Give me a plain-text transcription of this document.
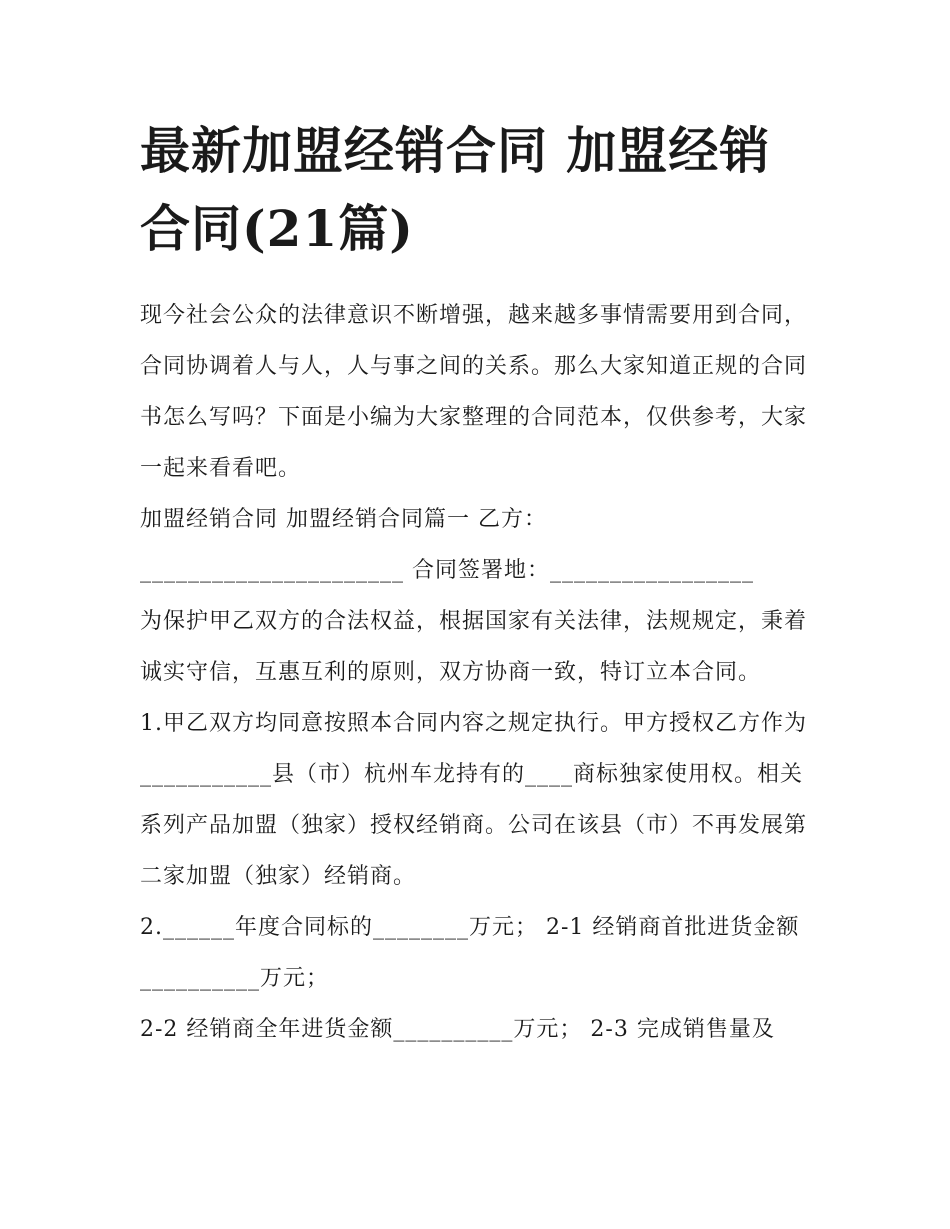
最新加盟经销合同 加盟经销合同(21篇)

现今社会公众的法律意识不断增强，越来越多事情需要用到合同，合同协调着人与人，人与事之间的关系。那么大家知道正规的合同书怎么写吗？下面是小编为大家整理的合同范本，仅供参考，大家一起来看看吧。

加盟经销合同 加盟经销合同篇一 乙方：

______________________ 合同签署地：_________________

为保护甲乙双方的合法权益，根据国家有关法律，法规规定，秉着诚实守信，互惠互利的原则，双方协商一致，特订立本合同。

1.甲乙双方均同意按照本合同内容之规定执行。甲方授权乙方作为___________县（市）杭州车龙持有的____商标独家使用权。相关系列产品加盟（独家）授权经销商。公司在该县（市）不再发展第二家加盟（独家）经销商。

2.______年度合同标的________万元； 2-1 经销商首批进货金额__________万元；

2-2 经销商全年进货金额__________万元； 2-3 完成销售量及
